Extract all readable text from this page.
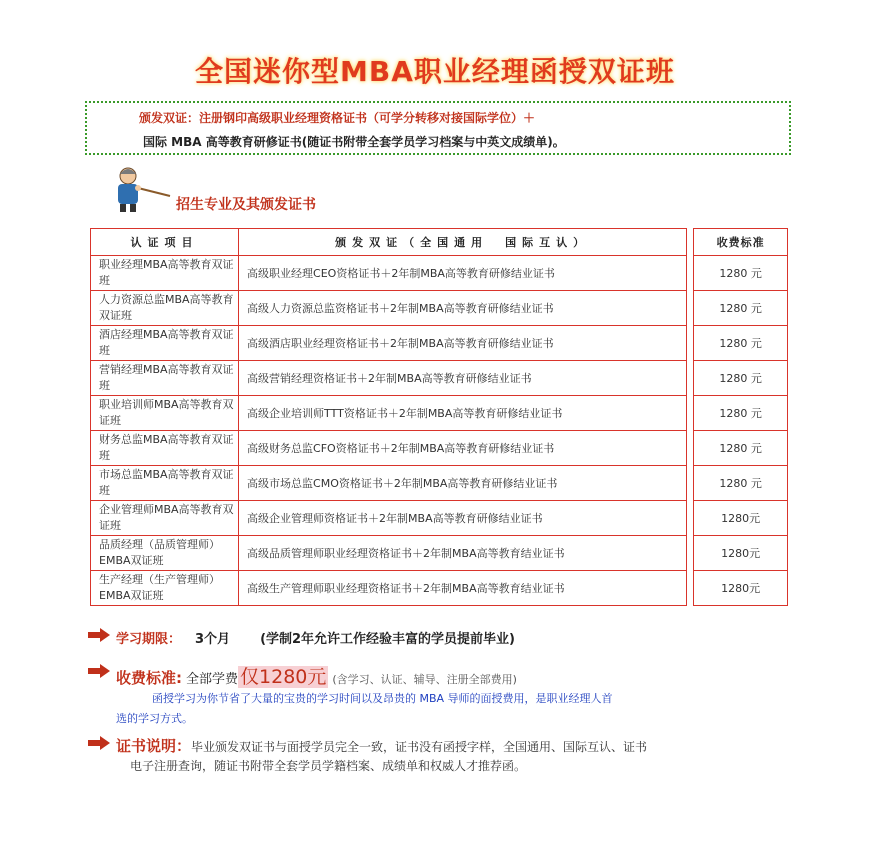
全国迷你型MBA职业经理函授双证班
颁发双证：注册钢印高级职业经理资格证书（可学分转移对接国际学位）＋
国际 MBA 高等教育研修证书(随证书附带全套学员学习档案与中英文成绩单)。
招生专业及其颁发证书
认证项目	颁发双证（全国通用　国际互认）		收费标准
职业经理MBA高等教育双证班	高级职业经理CEO资格证书＋2年制MBA高等教育研修结业证书		1280 元
人力资源总监MBA高等教育双证班	高级人力资源总监资格证书＋2年制MBA高等教育研修结业证书		1280 元
酒店经理MBA高等教育双证班	高级酒店职业经理资格证书＋2年制MBA高等教育研修结业证书		1280 元
营销经理MBA高等教育双证班	高级营销经理资格证书＋2年制MBA高等教育研修结业证书		1280 元
职业培训师MBA高等教育双证班	高级企业培训师TTT资格证书＋2年制MBA高等教育研修结业证书		1280 元
财务总监MBA高等教育双证班	高级财务总监CFO资格证书＋2年制MBA高等教育研修结业证书		1280 元
市场总监MBA高等教育双证班	高级市场总监CMO资格证书＋2年制MBA高等教育研修结业证书		1280 元
企业管理师MBA高等教育双证班	高级企业管理师资格证书＋2年制MBA高等教育研修结业证书		1280元
品质经理（品质管理师）EMBA双证班	高级品质管理师职业经理资格证书＋2年制MBA高等教育结业证书		1280元
生产经理（生产管理师）EMBA双证班	高级生产管理师职业经理资格证书＋2年制MBA高等教育结业证书		1280元
学习期限： 3个月 (学制2年允许工作经验丰富的学员提前毕业)
收费标准: 全部学费 仅1280元 (含学习、认证、辅导、注册全部费用)
函授学习为你节省了大量的宝贵的学习时间以及昂贵的 MBA 导师的面授费用，是职业经理人首
选的学习方式。
证书说明：毕业颁发双证书与面授学员完全一致，证书没有函授字样，全国通用、国际互认、证书
电子注册查询，随证书附带全套学员学籍档案、成绩单和权威人才推荐函。
